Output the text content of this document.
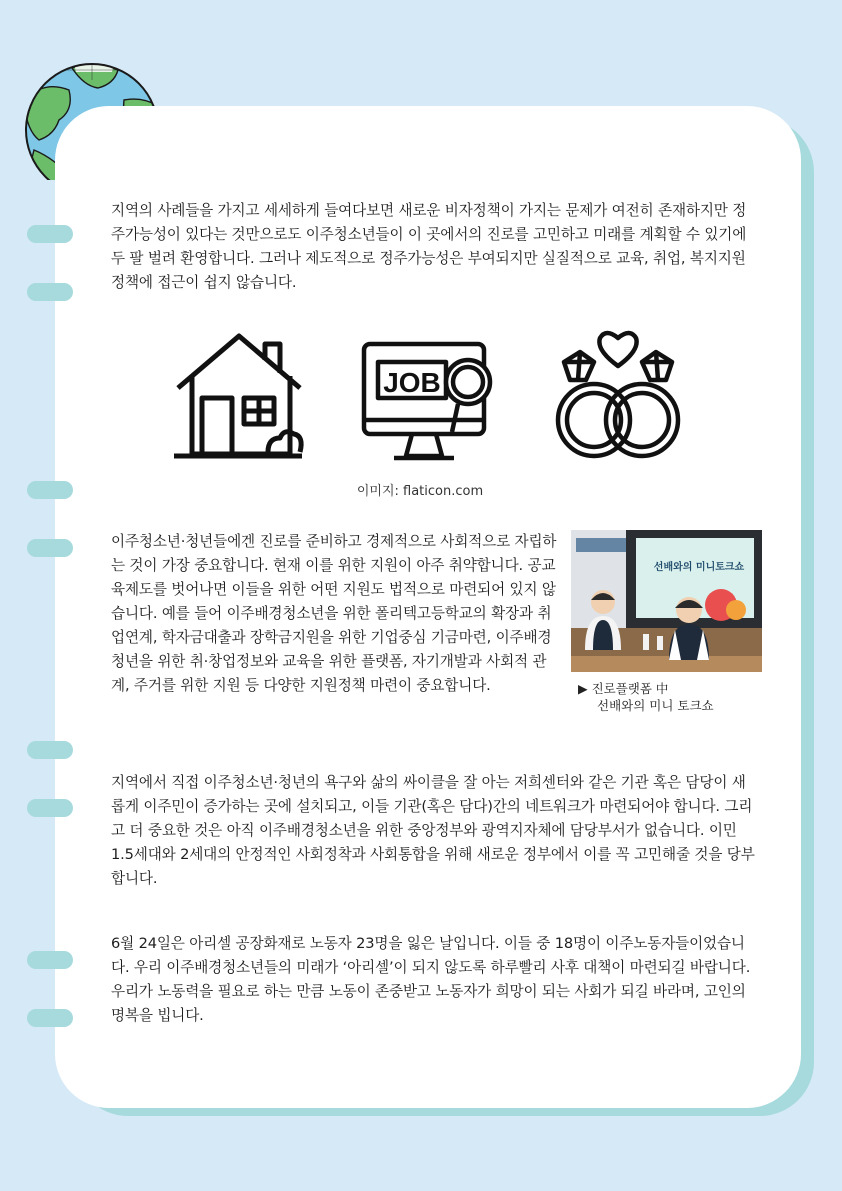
지역의 사례들을 가지고 세세하게 들여다보면 새로운 비자정책이 가지는 문제가 여전히 존재하지만 정주가능성이 있다는 것만으로도 이주청소년들이 이 곳에서의 진로를 고민하고 미래를 계획할 수 있기에 두 팔 벌려 환영합니다. 그러나 제도적으로 정주가능성은 부여되지만 실질적으로 교육, 취업, 복지지원 정책에 접근이 쉽지 않습니다.

JOB
이미지: flaticon.com

이주청소년·청년들에겐 진로를 준비하고 경제적으로 사회적으로 자립하는 것이 가장 중요합니다. 현재 이를 위한 지원이 아주 취약합니다. 공교육제도를 벗어나면 이들을 위한 어떤 지원도 법적으로 마련되어 있지 않습니다. 예를 들어 이주배경청소년을 위한 폴리텍고등학교의 확장과 취업연계, 학자금대출과 장학금지원을 위한 기업중심 기금마련, 이주배경 청년을 위한 취·창업정보와 교육을 위한 플랫폼, 자기개발과 사회적 관계, 주거를 위한 지원 등 다양한 지원정책 마련이 중요합니다.

선배와의 미니토크쇼
▶ 진로플랫폼 中
선배와의 미니 토크쇼

지역에서 직접 이주청소년·청년의 욕구와 삶의 싸이클을 잘 아는 저희센터와 같은 기관 혹은 담당이 새롭게 이주민이 증가하는 곳에 설치되고, 이들 기관(혹은 담다)간의 네트워크가 마련되어야 합니다. 그리고 더 중요한 것은 아직 이주배경청소년을 위한 중앙정부와 광역지자체에 담당부서가 없습니다. 이민 1.5세대와 2세대의 안정적인 사회정착과 사회통합을 위해 새로운 정부에서 이를 꼭 고민해줄 것을 당부합니다.

6월 24일은 아리셀 공장화재로 노동자 23명을 잃은 날입니다. 이들 중 18명이 이주노동자들이었습니다. 우리 이주배경청소년들의 미래가 ‘아리셀’이 되지 않도록 하루빨리 사후 대책이 마련되길 바랍니다. 우리가 노동력을 필요로 하는 만큼 노동이 존중받고 노동자가 희망이 되는 사회가 되길 바라며, 고인의 명복을 빕니다.
